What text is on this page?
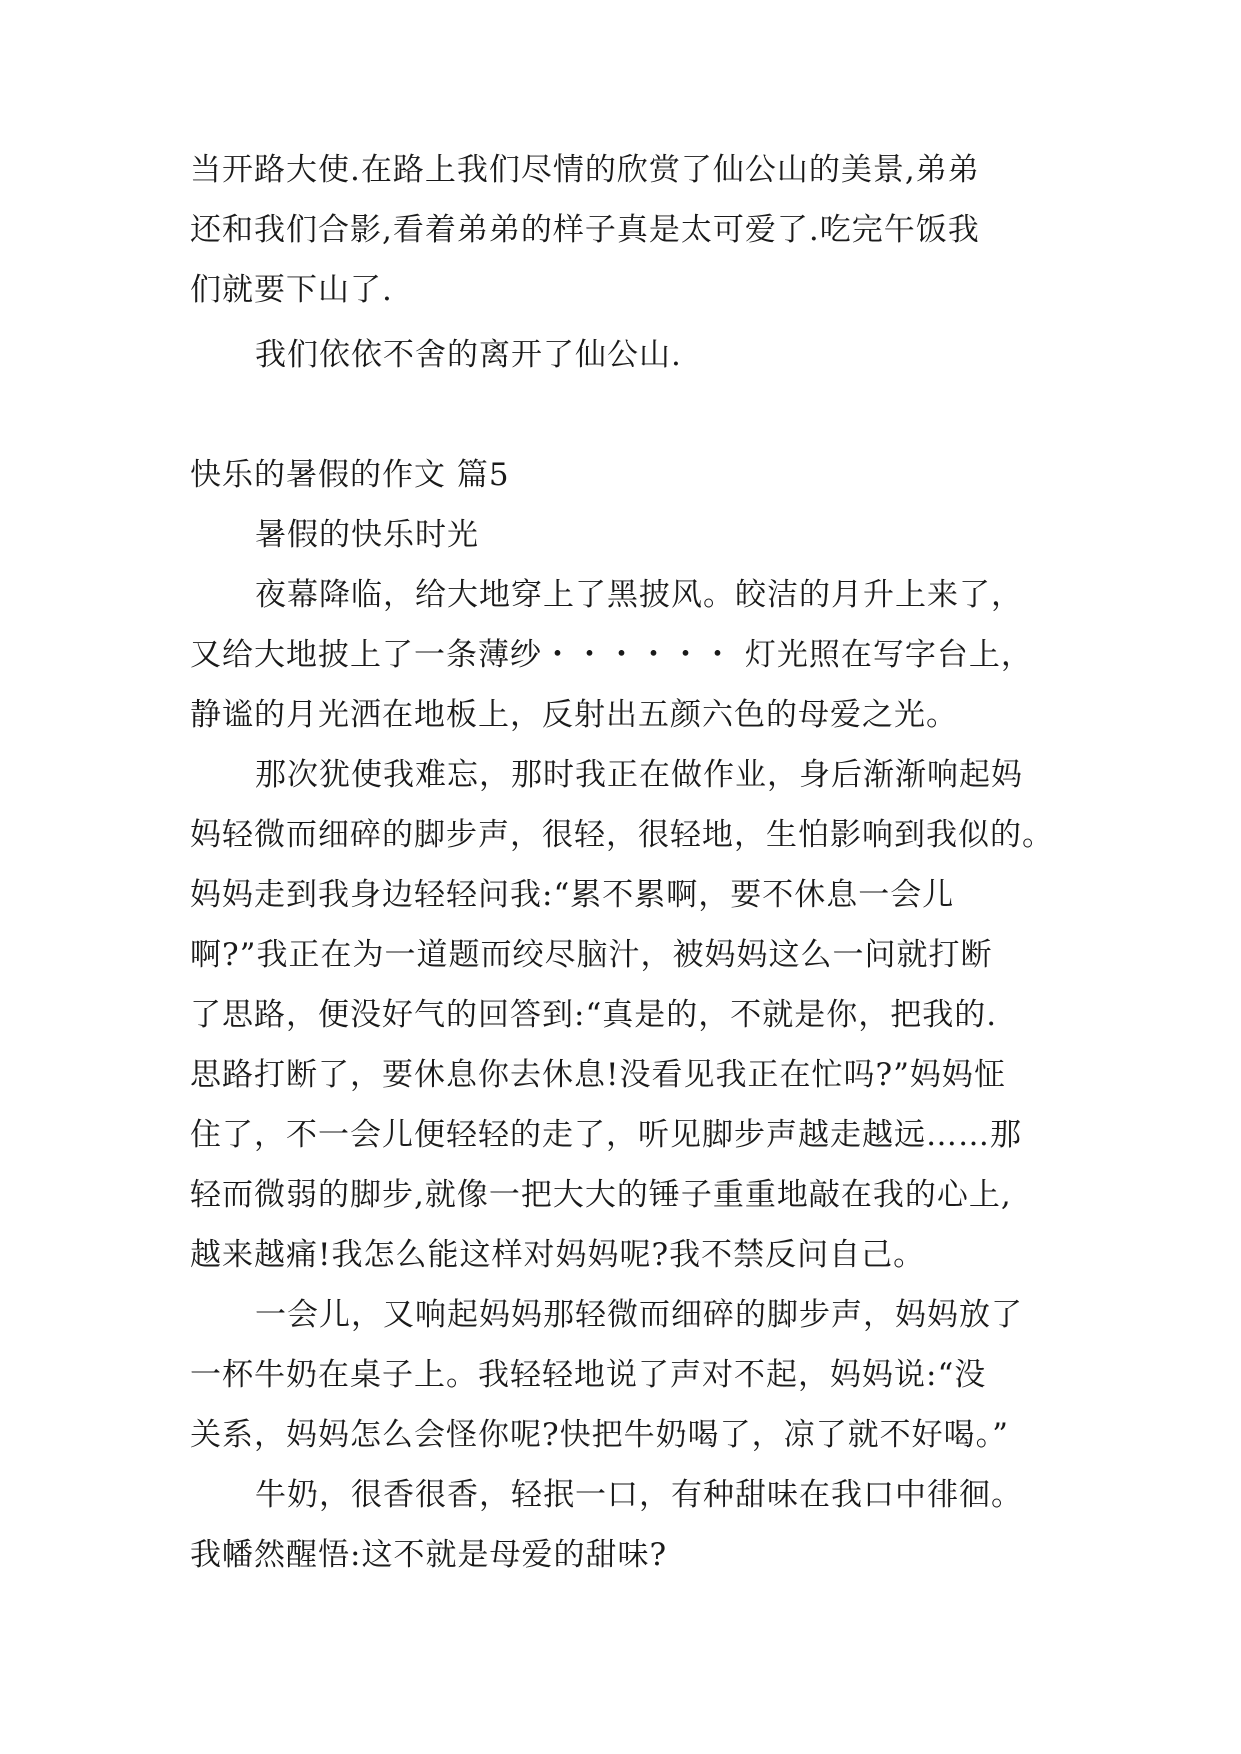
当开路大使.在路上我们尽情的欣赏了仙公山的美景,弟弟
还和我们合影,看着弟弟的样子真是太可爱了.吃完午饭我
们就要下山了.
我们依依不舍的离开了仙公山.
快乐的暑假的作文 篇5
暑假的快乐时光
夜幕降临，给大地穿上了黑披风。皎洁的月升上来了，
又给大地披上了一条薄纱・・・・・・ 灯光照在写字台上，
静谧的月光洒在地板上，反射出五颜六色的母爱之光。
那次犹使我难忘，那时我正在做作业，身后渐渐响起妈
妈轻微而细碎的脚步声，很轻，很轻地，生怕影响到我似的。
妈妈走到我身边轻轻问我:“累不累啊，要不休息一会儿
啊?”我正在为一道题而绞尽脑汁，被妈妈这么一问就打断
了思路，便没好气的回答到:“真是的，不就是你，把我的.
思路打断了，要休息你去休息!没看见我正在忙吗?”妈妈怔
住了，不一会儿便轻轻的走了，听见脚步声越走越远……那
轻而微弱的脚步,就像一把大大的锤子重重地敲在我的心上,
越来越痛!我怎么能这样对妈妈呢?我不禁反问自己。
一会儿，又响起妈妈那轻微而细碎的脚步声，妈妈放了
一杯牛奶在桌子上。我轻轻地说了声对不起，妈妈说:“没
关系，妈妈怎么会怪你呢?快把牛奶喝了，凉了就不好喝。”
牛奶，很香很香，轻抿一口，有种甜味在我口中徘徊。
我幡然醒悟:这不就是母爱的甜味?
